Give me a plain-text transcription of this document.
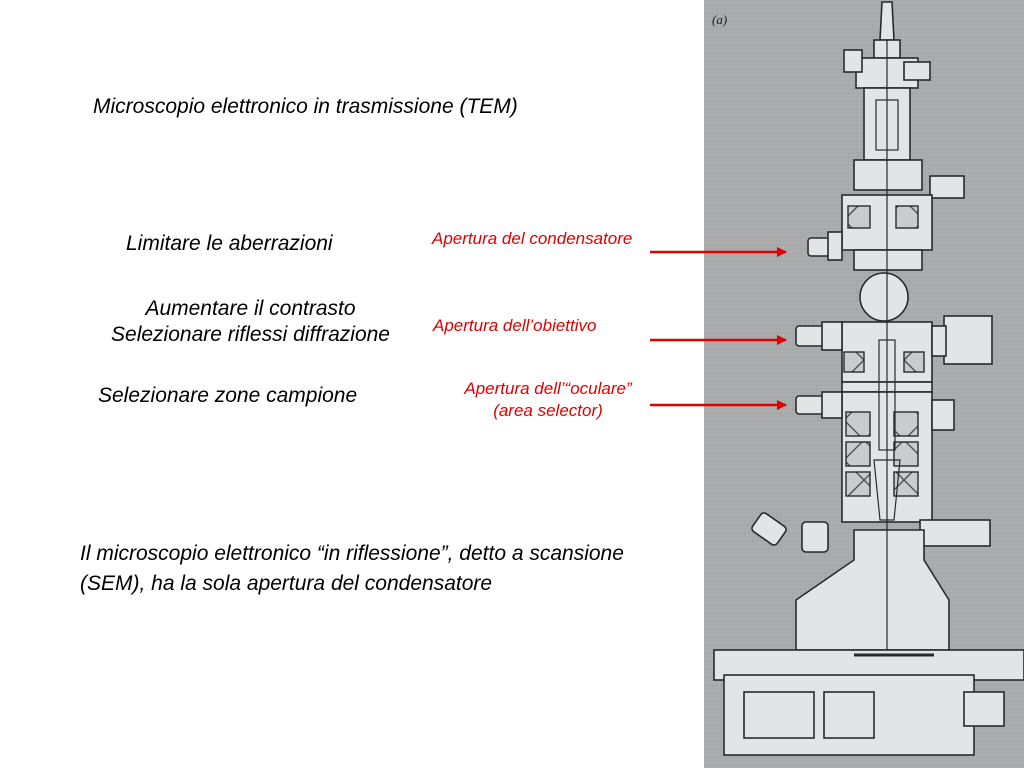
Microscopio elettronico in trasmissione (TEM)
Limitare le aberrazioni
Aumentare il contrasto
Selezionare riflessi diffrazione
Selezionare zone campione
Il microscopio elettronico “in riflessione”, detto a scansione (SEM), ha la sola apertura del condensatore
Apertura del condensatore
Apertura dell’obiettivo
Apertura dell’“oculare”
(area selector)
(a)
